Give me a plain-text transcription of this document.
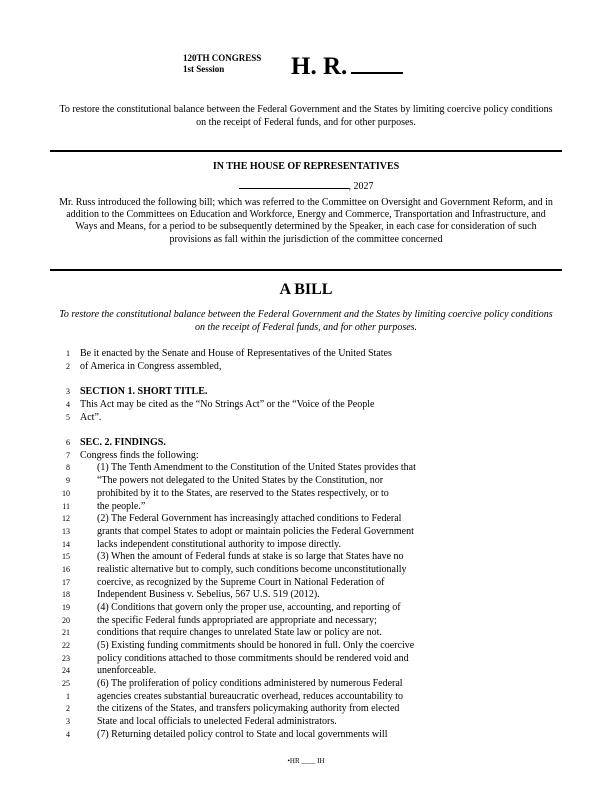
120TH CONGRESS
1st Session	H. R.
To restore the constitutional balance between the Federal Government and the States by limiting coercive policy conditions on the receipt of Federal funds, and for other purposes.
IN THE HOUSE OF REPRESENTATIVES
, 2027
Mr. Russ introduced the following bill; which was referred to the Committee on Oversight and Government Reform, and in addition to the Committees on Education and Workforce, Energy and Commerce, Transportation and Infrastructure, and Ways and Means, for a period to be subsequently determined by the Speaker, in each case for consideration of such provisions as fall within the jurisdiction of the committee concerned
A BILL
To restore the constitutional balance between the Federal Government and the States by limiting coercive policy conditions on the receipt of Federal funds, and for other purposes.
1 Be it enacted by the Senate and House of Representatives of the United States
2 of America in Congress assembled,
3 SECTION 1. SHORT TITLE.
4 This Act may be cited as the “No Strings Act” or the “Voice of the People
5 Act”.
6 SEC. 2. FINDINGS.
7 Congress finds the following:
8	(1) The Tenth Amendment to the Constitution of the United States provides that
9	“The powers not delegated to the United States by the Constitution, nor
10	prohibited by it to the States, are reserved to the States respectively, or to
11	the people.”
12	(2) The Federal Government has increasingly attached conditions to Federal
13	grants that compel States to adopt or maintain policies the Federal Government
14	lacks independent constitutional authority to impose directly.
15	(3) When the amount of Federal funds at stake is so large that States have no
16	realistic alternative but to comply, such conditions become unconstitutionally
17	coercive, as recognized by the Supreme Court in National Federation of
18	Independent Business v. Sebelius, 567 U.S. 519 (2012).
19	(4) Conditions that govern only the proper use, accounting, and reporting of
20	the specific Federal funds appropriated are appropriate and necessary;
21	conditions that require changes to unrelated State law or policy are not.
22	(5) Existing funding commitments should be honored in full. Only the coercive
23	policy conditions attached to those commitments should be rendered void and
24	unenforceable.
25	(6) The proliferation of policy conditions administered by numerous Federal
1	agencies creates substantial bureaucratic overhead, reduces accountability to
2	the citizens of the States, and transfers policymaking authority from elected
3	State and local officials to unelected Federal administrators.
4	(7) Returning detailed policy control to State and local governments will
•HR ____ IH
